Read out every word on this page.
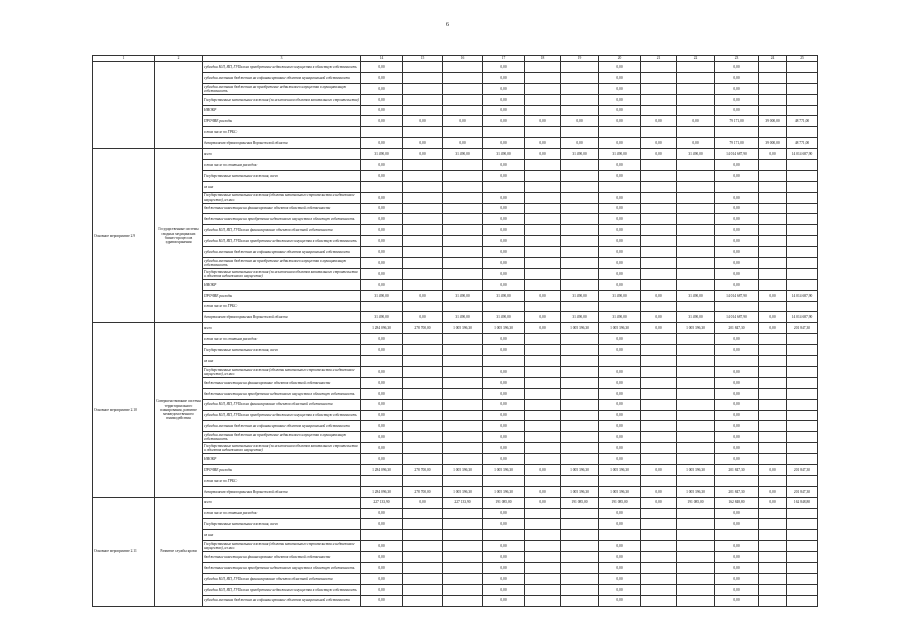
6
1	2	3	14	15	16	17	18	19	20	21	22	23	24	25
		субсидии ЮЛ, ИП, ГУПам на приобретение недвижимого имущества в областную собственность	0,00			0,00			0,00			0,00		
		субсидии местным бюджетам на софинансирование объектов муниципальной собственности	0,00			0,00			0,00			0,00		
		субсидии местным бюджетам на приобретение недвижимого имущества в муниципальную собственность	0,00			0,00			0,00			0,00		
		Государственные капитальные вложения (за исключением объектов капитального строительства)	0,00			0,00			0,00			0,00		
		НИОКР	0,00			0,00			0,00			0,00		
		ПРОЧИЕ расходы	0,00	0,00	0,00	0,00	0,00	0,00	0,00	0,00	0,00	79 171,00	39 000,00	48 771,00
		в том числе по ГРБС:												
		департамент здравоохранения Воронежской области	0,00	0,00	0,00	0,00	0,00	0,00	0,00	0,00	0,00	79 171,00	39 000,00	48 771,00
Основное мероприятие 2.9	Государственные системы сводных медицинских бизнес-процессов здравоохранения	всего	31 490,00	0,00	31 490,00	31 490,00	0,00	31 490,00	31 490,00	0,00	31 490,00	14 014 687,90	0,00	14 014 687,90
		в том числе по статьям расходов:	0,00			0,00			0,00			0,00		
		Государственные капитальные вложения, всего	0,00			0,00			0,00			0,00		
		из них												
		Государственные капитальные вложения (объекты капитального строительства и недвижимое имущество), из них:	0,00			0,00			0,00			0,00		
		бюджетные инвестиции на финансирование объектов областной собственности	0,00			0,00			0,00			0,00		
		бюджетные инвестиции на приобретение недвижимого имущества в областную собственность	0,00			0,00			0,00			0,00		
		субсидии ЮЛ, ИП, ГУПам на финансирование объектов областной собственности	0,00			0,00			0,00			0,00		
		субсидии ЮЛ, ИП, ГУПам на приобретение недвижимого имущества в областную собственность	0,00			0,00			0,00			0,00		
		субсидии местным бюджетам на софинансирование объектов муниципальной собственности	0,00			0,00			0,00			0,00		
		субсидии местным бюджетам на приобретение недвижимого имущества в муниципальную собственность	0,00			0,00			0,00			0,00		
		Государственные капитальные вложения (за исключением объектов капитального строительства и объектов недвижимого имущества)	0,00			0,00			0,00			0,00		
		НИОКР	0,00			0,00			0,00			0,00		
		ПРОЧИЕ расходы	31 490,00	0,00	31 490,00	31 490,00	0,00	31 490,00	31 490,00	0,00	31 490,00	14 014 687,90	0,00	14 014 687,90
		в том числе по ГРБС:												
		департамент здравоохранения Воронежской области	31 490,00	0,00	31 490,00	31 490,00	0,00	31 490,00	31 490,00	0,00	31 490,00	14 014 687,90	0,00	14 014 687,90
Основное мероприятие 2.10	Совершенствование системы территориального планирования, развитие межведомственного взаимодействия	всего	1 284 096,30	278 700,00	1 005 396,30	1 005 396,30	0,00	1 005 396,30	1 005 396,30	0,00	1 005 396,30	201 847,30	0,00	201 847,30
		в том числе по статьям расходов:	0,00			0,00			0,00			0,00		
		Государственные капитальные вложения, всего	0,00			0,00			0,00			0,00		
		из них												
		Государственные капитальные вложения (объекты капитального строительства и недвижимое имущество), из них:	0,00			0,00			0,00			0,00		
		бюджетные инвестиции на финансирование объектов областной собственности	0,00			0,00			0,00			0,00		
		бюджетные инвестиции на приобретение недвижимого имущества в областную собственность	0,00			0,00			0,00			0,00		
		субсидии ЮЛ, ИП, ГУПам на финансирование объектов областной собственности	0,00			0,00			0,00			0,00		
		субсидии ЮЛ, ИП, ГУПам на приобретение недвижимого имущества в областную собственность	0,00			0,00			0,00			0,00		
		субсидии местным бюджетам на софинансирование объектов муниципальной собственности	0,00			0,00			0,00			0,00		
		субсидии местным бюджетам на приобретение недвижимого имущества в муниципальную собственность	0,00			0,00			0,00			0,00		
		Государственные капитальные вложения (за исключением объектов капитального строительства и объектов недвижимого имущества)	0,00			0,00			0,00			0,00		
		НИОКР	0,00			0,00			0,00			0,00		
		ПРОЧИЕ расходы	1 284 096,30	278 700,00	1 005 396,30	1 005 396,30	0,00	1 005 396,30	1 005 396,30	0,00	1 005 396,30	201 847,30	0,00	201 847,30
		в том числе по ГРБС:												
		департамент здравоохранения Воронежской области	1 284 096,30	278 700,00	1 005 396,30	1 005 396,30	0,00	1 005 396,30	1 005 396,30	0,00	1 005 396,30	201 847,30	0,00	201 847,30
Основное мероприятие 2.11	Развитие службы крови	всего	227 133,90	0,00	227 133,90	191 085,00	0,00	191 085,00	191 085,00	0,00	191 085,00	162 848,80	0,00	162 848,80
		в том числе по статьям расходов:	0,00			0,00			0,00			0,00		
		Государственные капитальные вложения, всего	0,00			0,00			0,00			0,00		
		из них												
		Государственные капитальные вложения (объекты капитального строительства и недвижимое имущество), из них:	0,00			0,00			0,00			0,00		
		бюджетные инвестиции на финансирование объектов областной собственности	0,00			0,00			0,00			0,00		
		бюджетные инвестиции на приобретение недвижимого имущества в областную собственность	0,00			0,00			0,00			0,00		
		субсидии ЮЛ, ИП, ГУПам на финансирование объектов областной собственности	0,00			0,00			0,00			0,00		
		субсидии ЮЛ, ИП, ГУПам на приобретение недвижимого имущества в областную собственность	0,00			0,00			0,00			0,00		
		субсидии местным бюджетам на софинансирование объектов муниципальной собственности	0,00			0,00			0,00			0,00		
